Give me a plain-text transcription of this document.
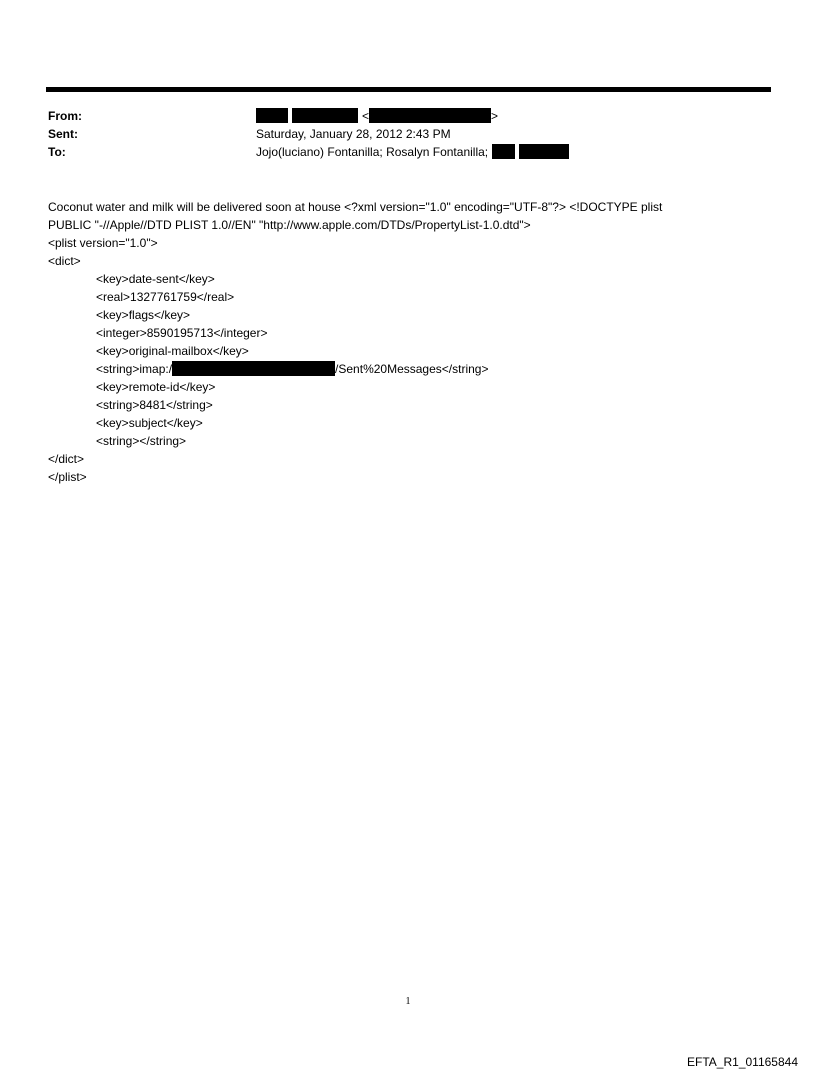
From:	<	>
Sent:	Saturday, January 28, 2012 2:43 PM
To:	Jojo(luciano) Fontanilla; Rosalyn Fontanilla;
Coconut water and milk will be delivered soon at house <?xml version="1.0" encoding="UTF-8"?> <!DOCTYPE plist
PUBLIC "-//Apple//DTD PLIST 1.0//EN" "http://www.apple.com/DTDs/PropertyList-1.0.dtd">
<plist version="1.0">
<dict>
<key>date-sent</key>
<real>1327761759</real>
<key>flags</key>
<integer>8590195713</integer>
<key>original-mailbox</key>
<string>imap:/	/Sent%20Messages</string>
<key>remote-id</key>
<string>8481</string>
<key>subject</key>
<string></string>
</dict>
</plist>
1
EFTA_R1_01165844
